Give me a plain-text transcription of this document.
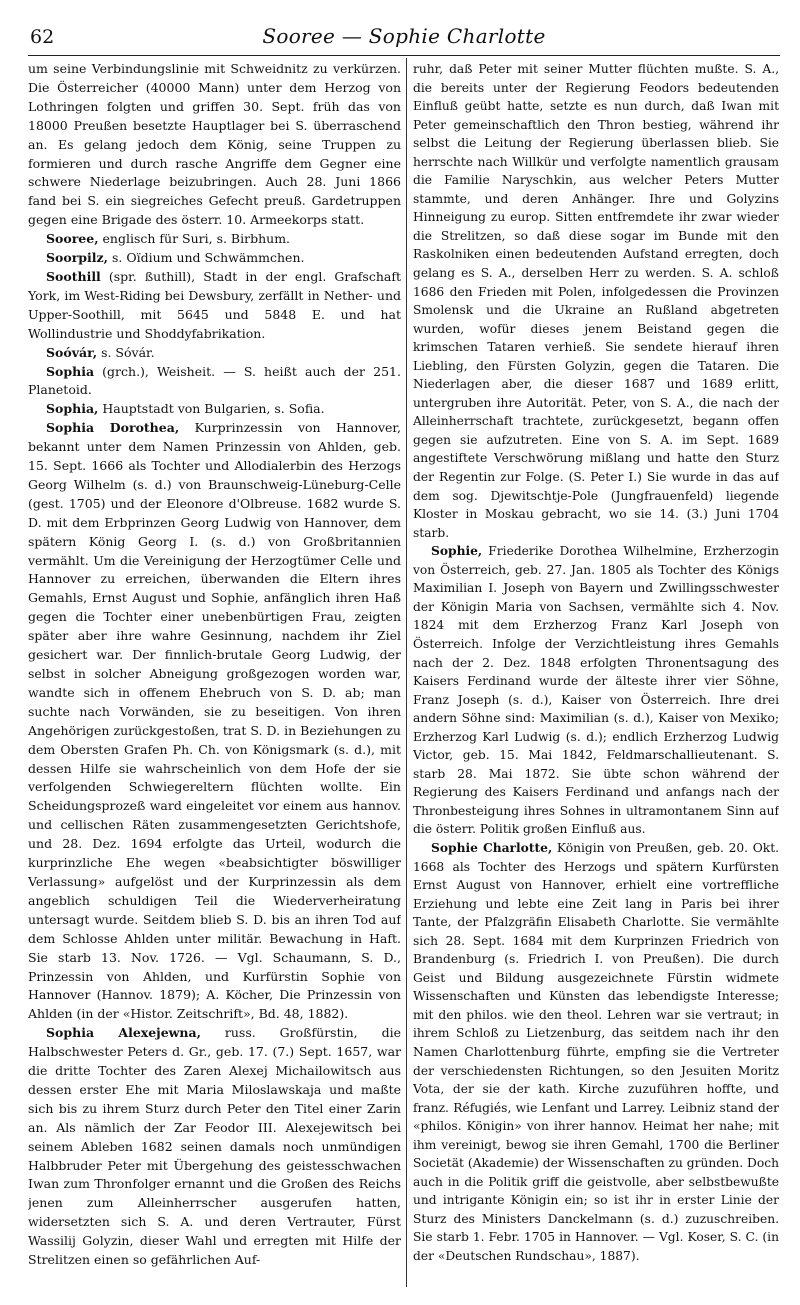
62	Sooree — Sophie Charlotte

um seine Verbindungslinie mit Schweidnitz zu verkürzen. Die Österreicher (40000 Mann) unter dem Herzog von Lothringen folgten und griffen 30. Sept. früh das von 18000 Preußen besetzte Hauptlager bei S. überraschend an. Es gelang jedoch dem König, seine Truppen zu formieren und durch rasche Angriffe dem Gegner eine schwere Niederlage beizubringen. Auch 28. Juni 1866 fand bei S. ein siegreiches Gefecht preuß. Gardetruppen gegen eine Brigade des österr. 10. Armeekorps statt.

Sooree, englisch für Suri, s. Birbhum.

Soorpilz, s. Oïdium und Schwämmchen.

Soothill (spr. ßuthill), Stadt in der engl. Grafschaft York, im West-Riding bei Dewsbury, zerfällt in Nether- und Upper-Soothill, mit 5645 und 5848 E. und hat Wollindustrie und Shoddyfabrikation.

Soóvár, s. Sóvár.

Sophia (grch.), Weisheit. — S. heißt auch der 251. Planetoid.

Sophia, Hauptstadt von Bulgarien, s. Sofia.

Sophia Dorothea, Kurprinzessin von Hannover, bekannt unter dem Namen Prinzessin von Ahlden, geb. 15. Sept. 1666 als Tochter und Allodialerbin des Herzogs Georg Wilhelm (s. d.) von Braunschweig-Lüneburg-Celle (gest. 1705) und der Eleonore d'Olbreuse. 1682 wurde S. D. mit dem Erbprinzen Georg Ludwig von Hannover, dem spätern König Georg I. (s. d.) von Großbritannien vermählt. Um die Vereinigung der Herzogtümer Celle und Hannover zu erreichen, überwanden die Eltern ihres Gemahls, Ernst August und Sophie, anfänglich ihren Haß gegen die Tochter einer unebenbürtigen Frau, zeigten später aber ihre wahre Gesinnung, nachdem ihr Ziel gesichert war. Der finnlich-brutale Georg Ludwig, der selbst in solcher Abneigung großgezogen worden war, wandte sich in offenem Ehebruch von S. D. ab; man suchte nach Vorwänden, sie zu beseitigen. Von ihren Angehörigen zurückgestoßen, trat S. D. in Beziehungen zu dem Obersten Grafen Ph. Ch. von Königsmark (s. d.), mit dessen Hilfe sie wahrscheinlich von dem Hofe der sie verfolgenden Schwiegereltern flüchten wollte. Ein Scheidungsprozeß ward eingeleitet vor einem aus hannov. und cellischen Räten zusammengesetzten Gerichtshofe, und 28. Dez. 1694 erfolgte das Urteil, wodurch die kurprinzliche Ehe wegen «beabsichtigter böswilliger Verlassung» aufgelöst und der Kurprinzessin als dem angeblich schuldigen Teil die Wiederverheiratung untersagt wurde. Seitdem blieb S. D. bis an ihren Tod auf dem Schlosse Ahlden unter militär. Bewachung in Haft. Sie starb 13. Nov. 1726. — Vgl. Schaumann, S. D., Prinzessin von Ahlden, und Kurfürstin Sophie von Hannover (Hannov. 1879); A. Köcher, Die Prinzessin von Ahlden (in der «Histor. Zeitschrift», Bd. 48, 1882).

Sophia Alexejewna, russ. Großfürstin, die Halbschwester Peters d. Gr., geb. 17. (7.) Sept. 1657, war die dritte Tochter des Zaren Alexej Michailowitsch aus dessen erster Ehe mit Maria Miloslawskaja und maßte sich bis zu ihrem Sturz durch Peter den Titel einer Zarin an. Als nämlich der Zar Feodor III. Alexejewitsch bei seinem Ableben 1682 seinen damals noch unmündigen Halbbruder Peter mit Übergehung des geistesschwachen Iwan zum Thronfolger ernannt und die Großen des Reichs jenen zum Alleinherrscher ausgerufen hatten, widersetzten sich S. A. und deren Vertrauter, Fürst Wassilij Golyzin, dieser Wahl und erregten mit Hilfe der Strelitzen einen so gefährlichen Auf-

ruhr, daß Peter mit seiner Mutter flüchten mußte. S. A., die bereits unter der Regierung Feodors bedeutenden Einfluß geübt hatte, setzte es nun durch, daß Iwan mit Peter gemeinschaftlich den Thron bestieg, während ihr selbst die Leitung der Regierung überlassen blieb. Sie herrschte nach Willkür und verfolgte namentlich grausam die Familie Naryschkin, aus welcher Peters Mutter stammte, und deren Anhänger. Ihre und Golyzins Hinneigung zu europ. Sitten entfremdete ihr zwar wieder die Strelitzen, so daß diese sogar im Bunde mit den Raskolniken einen bedeutenden Aufstand erregten, doch gelang es S. A., derselben Herr zu werden. S. A. schloß 1686 den Frieden mit Polen, infolgedessen die Provinzen Smolensk und die Ukraine an Rußland abgetreten wurden, wofür dieses jenem Beistand gegen die krimschen Tataren verhieß. Sie sendete hierauf ihren Liebling, den Fürsten Golyzin, gegen die Tataren. Die Niederlagen aber, die dieser 1687 und 1689 erlitt, untergruben ihre Autorität. Peter, von S. A., die nach der Alleinherrschaft trachtete, zurückgesetzt, begann offen gegen sie aufzutreten. Eine von S. A. im Sept. 1689 angestiftete Verschwörung mißlang und hatte den Sturz der Regentin zur Folge. (S. Peter I.) Sie wurde in das auf dem sog. Djewitschtje-Pole (Jungfrauenfeld) liegende Kloster in Moskau gebracht, wo sie 14. (3.) Juni 1704 starb.

Sophie, Friederike Dorothea Wilhelmine, Erzherzogin von Österreich, geb. 27. Jan. 1805 als Tochter des Königs Maximilian I. Joseph von Bayern und Zwillingsschwester der Königin Maria von Sachsen, vermählte sich 4. Nov. 1824 mit dem Erzherzog Franz Karl Joseph von Österreich. Infolge der Verzichtleistung ihres Gemahls nach der 2. Dez. 1848 erfolgten Thronentsagung des Kaisers Ferdinand wurde der älteste ihrer vier Söhne, Franz Joseph (s. d.), Kaiser von Österreich. Ihre drei andern Söhne sind: Maximilian (s. d.), Kaiser von Mexiko; Erzherzog Karl Ludwig (s. d.); endlich Erzherzog Ludwig Victor, geb. 15. Mai 1842, Feldmarschallieutenant. S. starb 28. Mai 1872. Sie übte schon während der Regierung des Kaisers Ferdinand und anfangs nach der Thronbesteigung ihres Sohnes in ultramontanem Sinn auf die österr. Politik großen Einfluß aus.

Sophie Charlotte, Königin von Preußen, geb. 20. Okt. 1668 als Tochter des Herzogs und spätern Kurfürsten Ernst August von Hannover, erhielt eine vortreffliche Erziehung und lebte eine Zeit lang in Paris bei ihrer Tante, der Pfalzgräfin Elisabeth Charlotte. Sie vermählte sich 28. Sept. 1684 mit dem Kurprinzen Friedrich von Brandenburg (s. Friedrich I. von Preußen). Die durch Geist und Bildung ausgezeichnete Fürstin widmete Wissenschaften und Künsten das lebendigste Interesse; mit den philos. wie den theol. Lehren war sie vertraut; in ihrem Schloß zu Lietzenburg, das seitdem nach ihr den Namen Charlottenburg führte, empfing sie die Vertreter der verschiedensten Richtungen, so den Jesuiten Moritz Vota, der sie der kath. Kirche zuzuführen hoffte, und franz. Réfugiés, wie Lenfant und Larrey. Leibniz stand der «philos. Königin» von ihrer hannov. Heimat her nahe; mit ihm vereinigt, bewog sie ihren Gemahl, 1700 die Berliner Societät (Akademie) der Wissenschaften zu gründen. Doch auch in die Politik griff die geistvolle, aber selbstbewußte und intrigante Königin ein; so ist ihr in erster Linie der Sturz des Ministers Danckelmann (s. d.) zuzuschreiben. Sie starb 1. Febr. 1705 in Hannover. — Vgl. Koser, S. C. (in der «Deutschen Rundschau», 1887).
